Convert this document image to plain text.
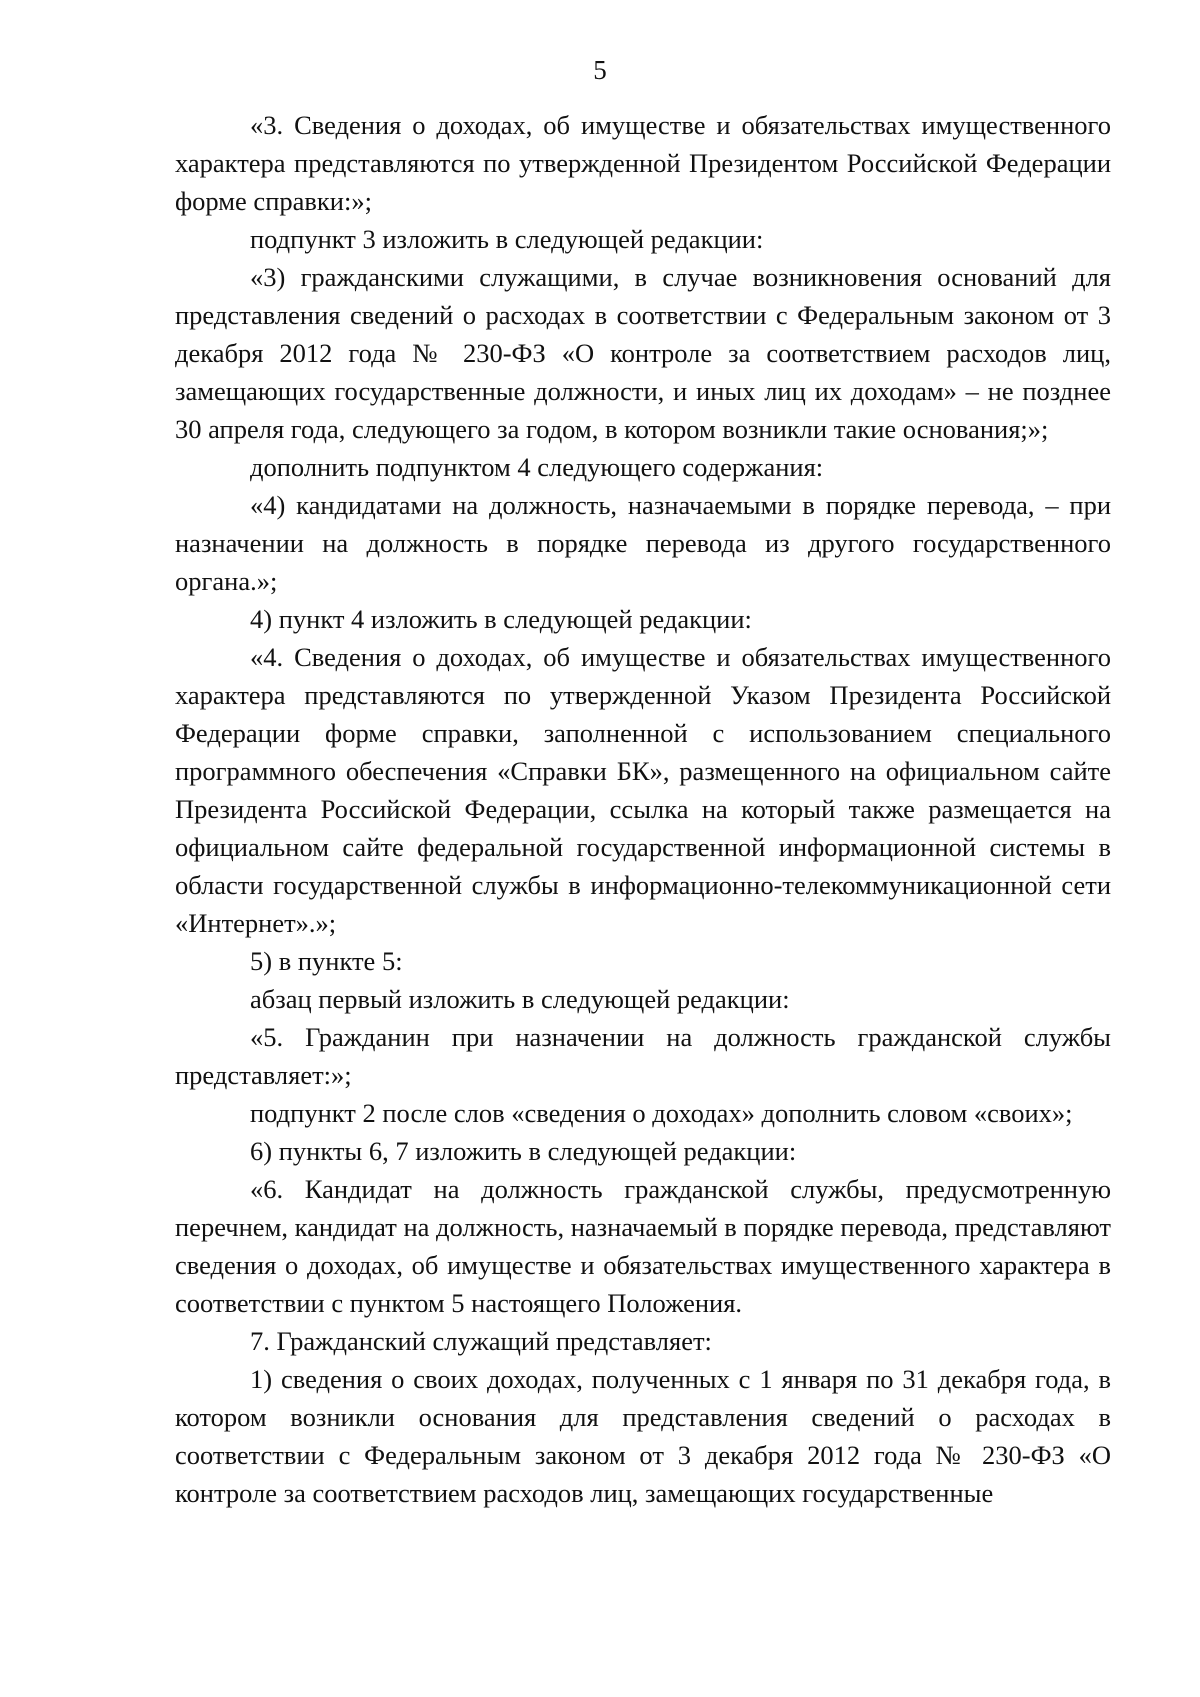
5

«3. Сведения о доходах, об имуществе и обязательствах имущественного характера представляются по утвержденной Президентом Российской Федерации форме справки:»;

подпункт 3 изложить в следующей редакции:

«3) гражданскими служащими, в случае возникновения оснований для представления сведений о расходах в соответствии с Федеральным законом от 3 декабря 2012 года № 230-ФЗ «О контроле за соответствием расходов лиц, замещающих государственные должности, и иных лиц их доходам» – не позднее 30 апреля года, следующего за годом, в котором возникли такие основания;»;

дополнить подпунктом 4 следующего содержания:

«4) кандидатами на должность, назначаемыми в порядке перевода, – при назначении на должность в порядке перевода из другого государственного органа.»;

4) пункт 4 изложить в следующей редакции:

«4. Сведения о доходах, об имуществе и обязательствах имущественного характера представляются по утвержденной Указом Президента Российской Федерации форме справки, заполненной с использованием специального программного обеспечения «Справки БК», размещенного на официальном сайте Президента Российской Федерации, ссылка на который также размещается на официальном сайте федеральной государственной информационной системы в области государственной службы в информационно-телекоммуникационной сети «Интернет».»;

5) в пункте 5:

абзац первый изложить в следующей редакции:

«5. Гражданин при назначении на должность гражданской службы представляет:»;

подпункт 2 после слов «сведения о доходах» дополнить словом «своих»;

6) пункты 6, 7 изложить в следующей редакции:

«6. Кандидат на должность гражданской службы, предусмотренную перечнем, кандидат на должность, назначаемый в порядке перевода, представляют сведения о доходах, об имуществе и обязательствах имущественного характера в соответствии с пунктом 5 настоящего Положения.

7. Гражданский служащий представляет:

1) сведения о своих доходах, полученных с 1 января по 31 декабря года, в котором возникли основания для представления сведений о расходах в соответствии с Федеральным законом от 3 декабря 2012 года № 230-ФЗ «О контроле за соответствием расходов лиц, замещающих государственные
